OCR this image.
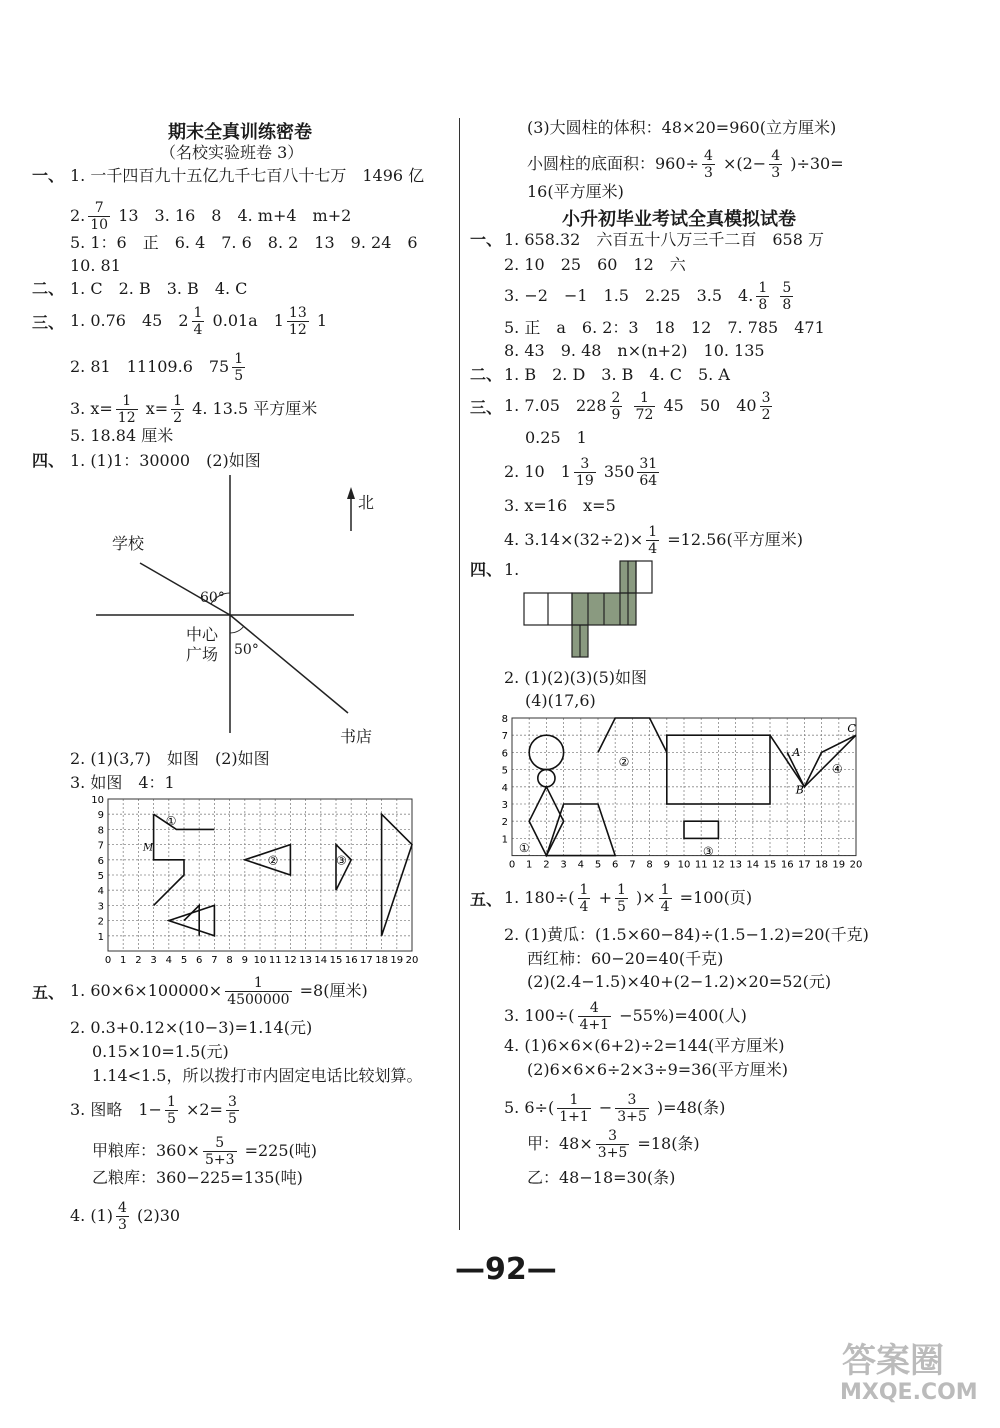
期末全真训练密卷
（名校实验班卷 3）
一、 1. 一千四百九十五亿九千七百八十七万　1496 亿
2. $\frac{7}{10} 13$　3. 16　8　4. m+4　m+2
5. 1：6　正　6. 4　7. 6　8. 2　13　9. 24　6
10. 81
二、 1. C　2. B　3. B　4. C
三、 1. 0.76　45　$2 \frac{1}{4} 0.01a$　$1 \frac{13}{12} 1$
2. 81　11109.6　$75 \frac{1}{5}$
3. $x= \frac{1}{12} x= \frac{1}{2} 4$. 13.5 平方厘米
5. 18.84 厘米
四、 1. (1)1：30000　(2)如图
北
学校
60°
中心
广场 50°
书店
2. (1)(3,7)　如图　(2)如图
3. 如图　4：1
10
9
8
7
6
5
4
3
2
1
0 1 2 3 4 5 6 7 8 9 10 11 12 13 14 15 16 17 18 19 20
①
②	③
M
五、 1. $60\times 6\times 100000\times \frac{1}{4500000} =8$(厘米)
2. 0.3+0.12×(10−3)=1.14(元)
0.15×10=1.5(元)
1.14<1.5，所以拨打市内固定电话比较划算。
3. 图略　$1- \frac{1}{5} \times 2= \frac{3}{5}$
甲粮库：$360\times \frac{5}{5+3} =225$(吨)
乙粮库：360−225=135(吨)
4. $(1) \frac{4}{3} (2)30$
(3)大圆柱的体积：48×20=960(立方厘米)
小圆柱的底面积：$960\div \frac{4}{3} \times(2- \frac{4}{3} )\div 30=$
16(平方厘米)
小升初毕业考试全真模拟试卷
一、 1. 658.32　六百五十八万三千二百　658 万
2. 10　25　60　12　六
3. −2　−1　1.5　2.25　3.5　4. $\frac{1}{8}$
$\frac{5}{8}$
5. 正　a　6. 2：3　18　12　7. 785　471
8. 43　9. 48　n×(n+2)　10. 135
二、 1. B　2. D　3. B　4. C　5. A
三、 1. 7.05　$228 \frac{2}{9}$
$\frac{1}{72} 45$　50　$40 \frac{3}{2}$
0.25　1
2. 10　$1 \frac{3}{19} 350 \frac{31}{64}$
3. x=16　x=5
4. $3.14\times(32\div 2)\times \frac{1}{4} =12.56$(平方厘米)
四、 1.
2. (1)(2)(3)(5)如图
(4)(17,6)
8
7
6
5
4
3
2
1
0 1 2 3 4 5 6 7 8 9 10 11 12 13 14 15 16 17 18 19 20
①
②
③
④
A
B
C
五、 1. $180\div( \frac{1}{4} + \frac{1}{5}$ )× $\frac{1}{4} =100$(页)
2. (1)黄瓜：(1.5×60−84)÷(1.5−1.2)=20(千克)
西红柿：60−20=40(千克)
(2)(2.4−1.5)×40+(2−1.2)×20=52(元)
3. $100\div( \frac{4}{4+1} -55\%)=400$(人)
4. (1)6×6×(6+2)÷2=144(平方厘米)
(2)6×6×6÷2×3÷9=36(平方厘米)
5. $6\div( \frac{1}{1+1} - \frac{3}{3+5} )=48$(条)
甲：$48\times \frac{3}{3+5} =18$(条)
乙：48−18=30(条)
—92—
答案圈
MXQE.COM
